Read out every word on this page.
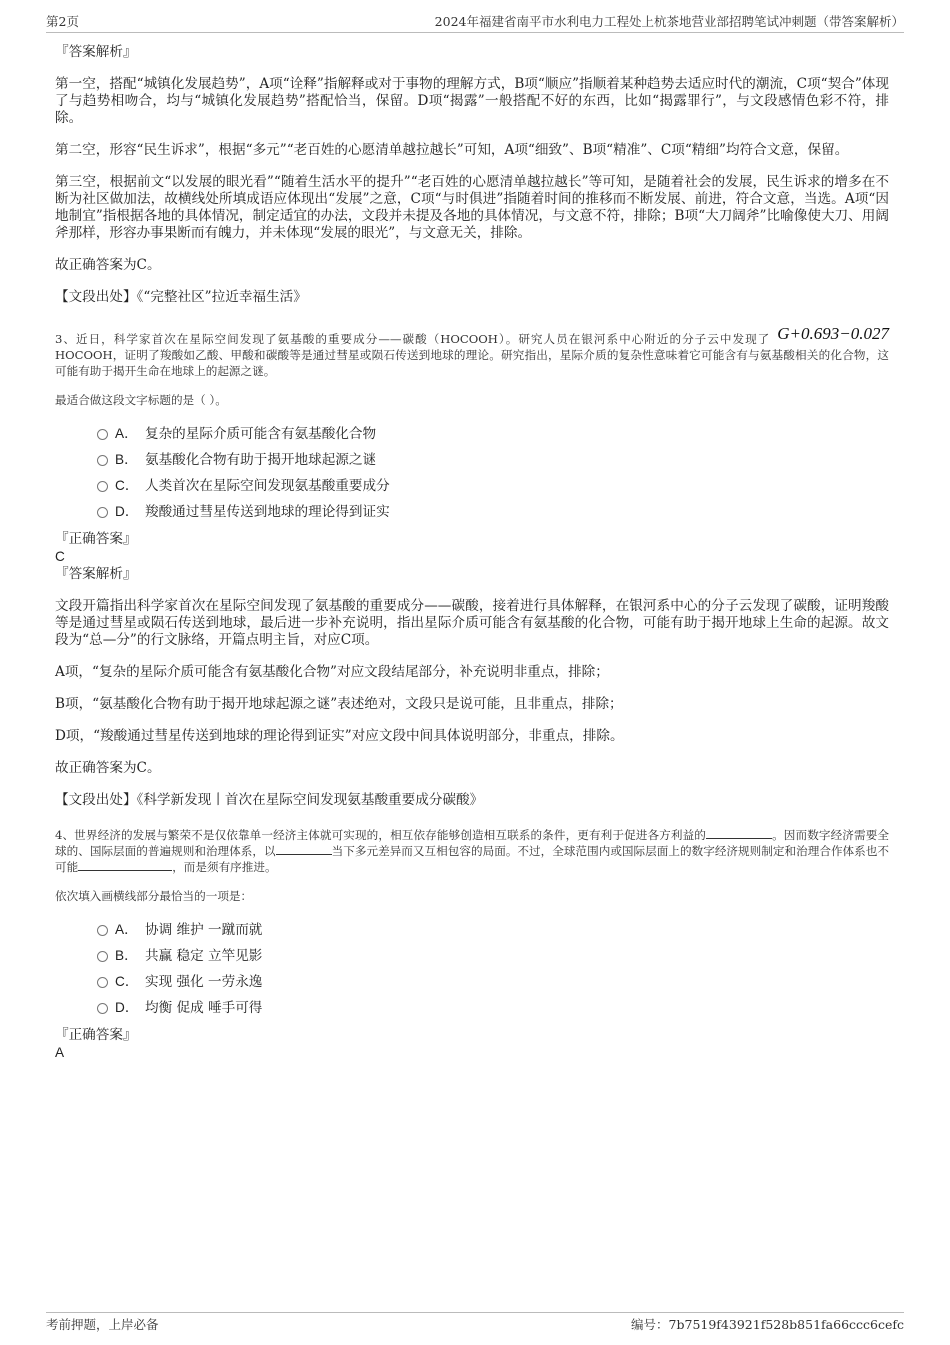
第2页	2024年福建省南平市水利电力工程处上杭茶地营业部招聘笔试冲刺题（带答案解析）

『答案解析』

第一空，搭配“城镇化发展趋势”，A项“诠释”指解释或对于事物的理解方式，B项“顺应”指顺着某种趋势去适应时代的潮流，C项“契合”体现了与趋势相吻合，均与“城镇化发展趋势”搭配恰当，保留。D项“揭露”一般搭配不好的东西，比如“揭露罪行”，与文段感情色彩不符，排除。

第二空，形容“民生诉求”，根据“多元”“老百姓的心愿清单越拉越长”可知，A项“细致”、B项“精准”、C项“精细”均符合文意，保留。

第三空，根据前文“以发展的眼光看”“随着生活水平的提升”“老百姓的心愿清单越拉越长”等可知，是随着社会的发展，民生诉求的增多在不断为社区做加法，故横线处所填成语应体现出“发展”之意，C项“与时俱进”指随着时间的推移而不断发展、前进，符合文意，当选。A项“因地制宜”指根据各地的具体情况，制定适宜的办法，文段并未提及各地的具体情况，与文意不符，排除；B项“大刀阔斧”比喻像使大刀、用阔斧那样，形容办事果断而有魄力，并未体现“发展的眼光”，与文意无关，排除。

故正确答案为C。

【文段出处】《“完整社区”拉近幸福生活》

G+0.693−0.027
3、近日，科学家首次在星际空间发现了氨基酸的重要成分——碳酸（HOCOOH）。研究人员在银河系中心附近的分子云中发现了HOCOOH，证明了羧酸如乙酸、甲酸和碳酸等是通过彗星或陨石传送到地球的理论。研究指出，星际介质的复杂性意味着它可能含有与氨基酸相关的化合物，这可能有助于揭开生命在地球上的起源之谜。

最适合做这段文字标题的是（ ）。

A． 复杂的星际介质可能含有氨基酸化合物
B． 氨基酸化合物有助于揭开地球起源之谜
C． 人类首次在星际空间发现氨基酸重要成分
D． 羧酸通过彗星传送到地球的理论得到证实

『正确答案』

C

『答案解析』

文段开篇指出科学家首次在星际空间发现了氨基酸的重要成分——碳酸，接着进行具体解释，在银河系中心的分子云发现了碳酸，证明羧酸等是通过彗星或陨石传送到地球，最后进一步补充说明，指出星际介质可能含有氨基酸的化合物，可能有助于揭开地球上生命的起源。故文段为“总—分”的行文脉络，开篇点明主旨，对应C项。

A项，“复杂的星际介质可能含有氨基酸化合物”对应文段结尾部分，补充说明非重点，排除；

B项，“氨基酸化合物有助于揭开地球起源之谜”表述绝对，文段只是说可能，且非重点，排除；

D项，“羧酸通过彗星传送到地球的理论得到证实”对应文段中间具体说明部分，非重点，排除。

故正确答案为C。

【文段出处】《科学新发现丨首次在星际空间发现氨基酸重要成分碳酸》

4、世界经济的发展与繁荣不是仅依靠单一经济主体就可实现的，相互依存能够创造相互联系的条件，更有利于促进各方利益的	。因而数字经济需要全球的、国际层面的普遍规则和治理体系，以	当下多元差异而又互相包容的局面。不过，全球范围内或国际层面上的数字经济规则制定和治理合作体系也不可能	，而是须有序推进。

依次填入画横线部分最恰当的一项是：

A． 协调 维护 一蹴而就
B． 共赢 稳定 立竿见影
C． 实现 强化 一劳永逸
D． 均衡 促成 唾手可得

『正确答案』

A

考前押题，上岸必备	编号：7b7519f43921f528b851fa66ccc6cefc
